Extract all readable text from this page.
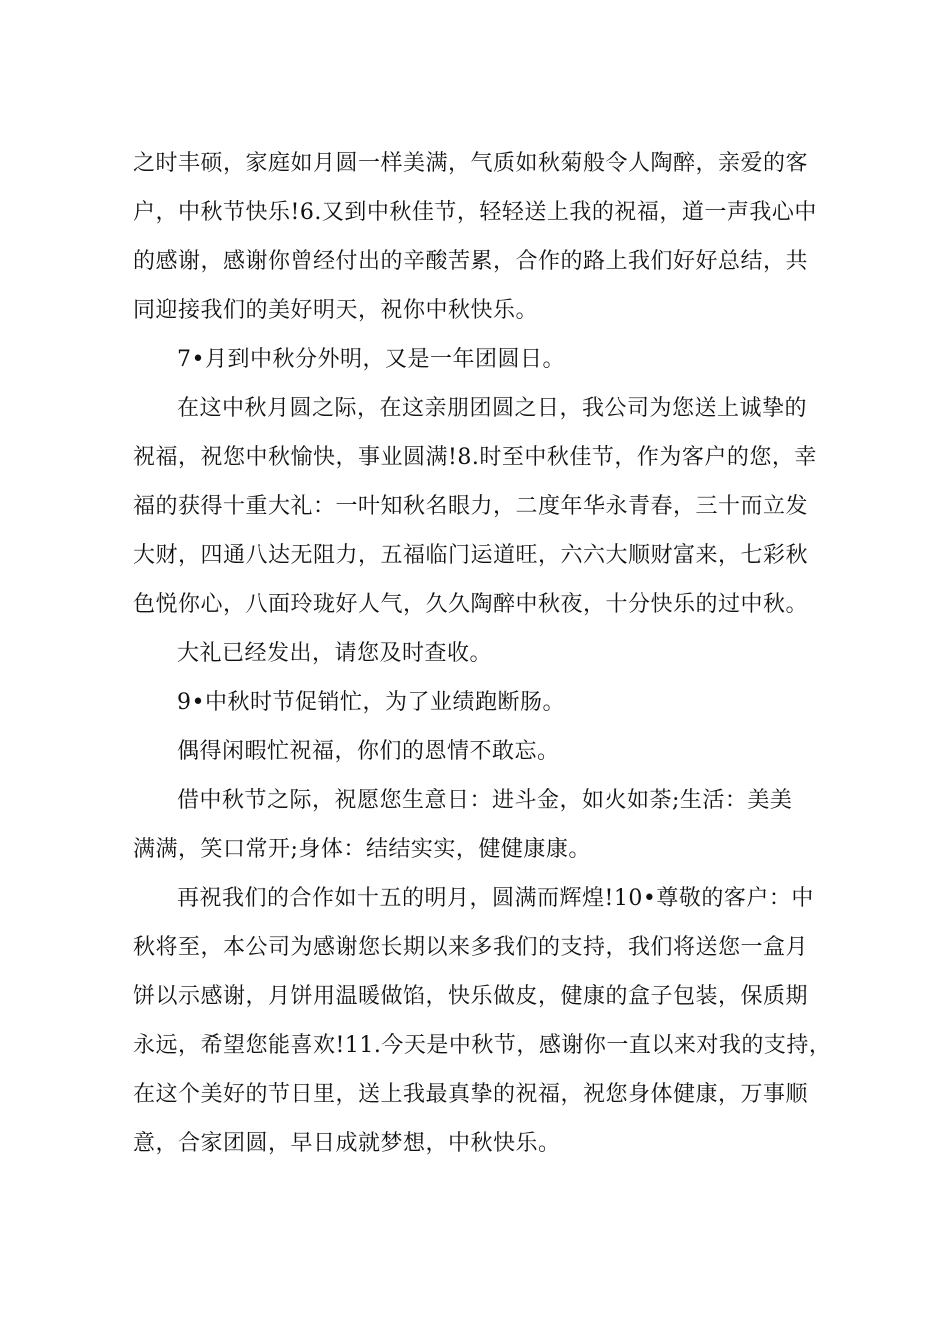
之时丰硕，家庭如月圆一样美满，气质如秋菊般令人陶醉，亲爱的客
户，中秋节快乐!6.又到中秋佳节，轻轻送上我的祝福，道一声我心中
的感谢，感谢你曾经付出的辛酸苦累，合作的路上我们好好总结，共
同迎接我们的美好明天，祝你中秋快乐。
7•月到中秋分外明，又是一年团圆日。
在这中秋月圆之际，在这亲朋团圆之日，我公司为您送上诚挚的
祝福，祝您中秋愉快，事业圆满!8.时至中秋佳节，作为客户的您，幸
福的获得十重大礼：一叶知秋名眼力，二度年华永青春，三十而立发
大财，四通八达无阻力，五福临门运道旺，六六大顺财富来，七彩秋
色悦你心，八面玲珑好人气，久久陶醉中秋夜，十分快乐的过中秋。
大礼已经发出，请您及时查收。
9•中秋时节促销忙，为了业绩跑断肠。
偶得闲暇忙祝福，你们的恩情不敢忘。
借中秋节之际，祝愿您生意日：进斗金，如火如荼;生活：美美
满满，笑口常开;身体：结结实实，健健康康。
再祝我们的合作如十五的明月，圆满而辉煌!10•尊敬的客户：中
秋将至，本公司为感谢您长期以来多我们的支持，我们将送您一盒月
饼以示感谢，月饼用温暖做馅，快乐做皮，健康的盒子包装，保质期
永远，希望您能喜欢!11.今天是中秋节，感谢你一直以来对我的支持，
在这个美好的节日里，送上我最真挚的祝福，祝您身体健康，万事顺
意，合家团圆，早日成就梦想，中秋快乐。
